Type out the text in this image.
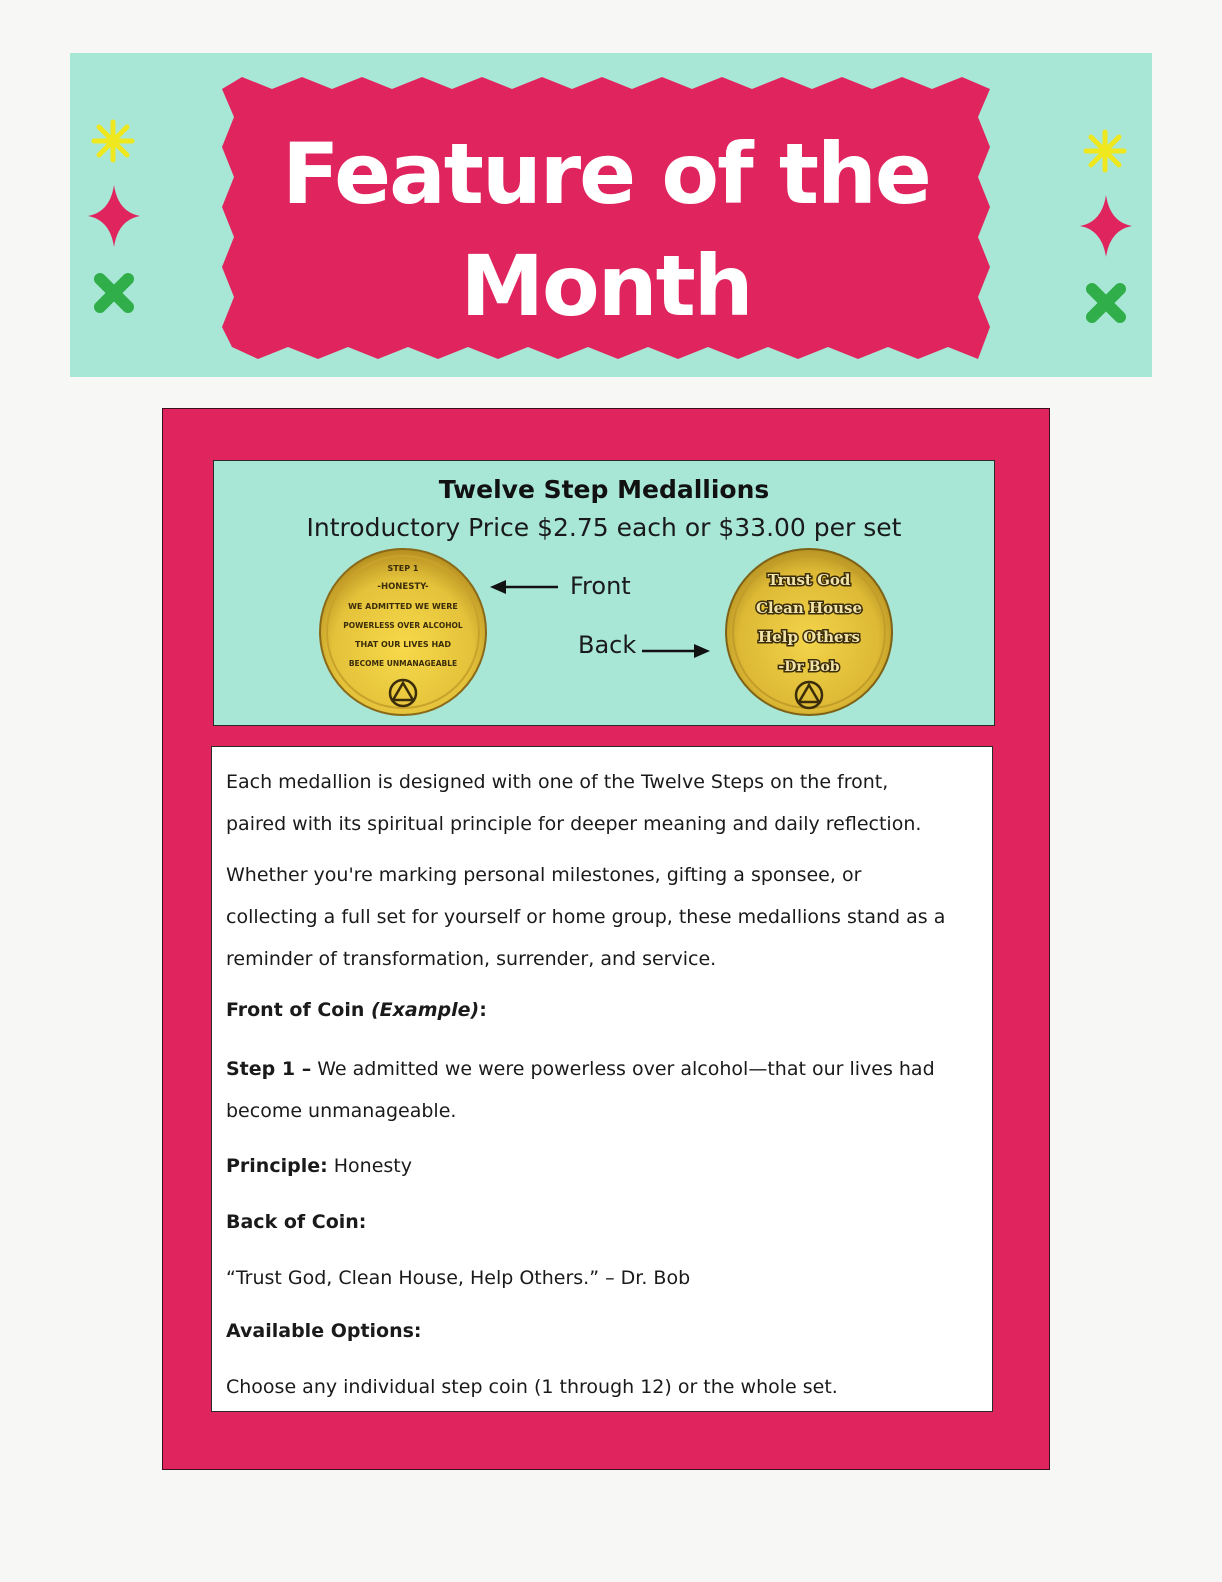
Feature of the
Month
Twelve Step Medallions
Introductory Price $2.75 each or $33.00 per set
STEP 1
-HONESTY-
WE ADMITTED WE WERE
POWERLESS OVER ALCOHOL
THAT OUR LIVES HAD
BECOME UNMANAGEABLE
Front
Back
Trust God
Clean House
Help Others
-Dr Bob
Each medallion is designed with one of the Twelve Steps on the front,
paired with its spiritual principle for deeper meaning and daily reflection.
Whether you're marking personal milestones, gifting a sponsee, or
collecting a full set for yourself or home group, these medallions stand as a
reminder of transformation, surrender, and service.
Front of Coin (Example):
Step 1 – We admitted we were powerless over alcohol—that our lives had
become unmanageable.
Principle: Honesty
Back of Coin:
“Trust God, Clean House, Help Others.” – Dr. Bob
Available Options:
Choose any individual step coin (1 through 12) or the whole set.
